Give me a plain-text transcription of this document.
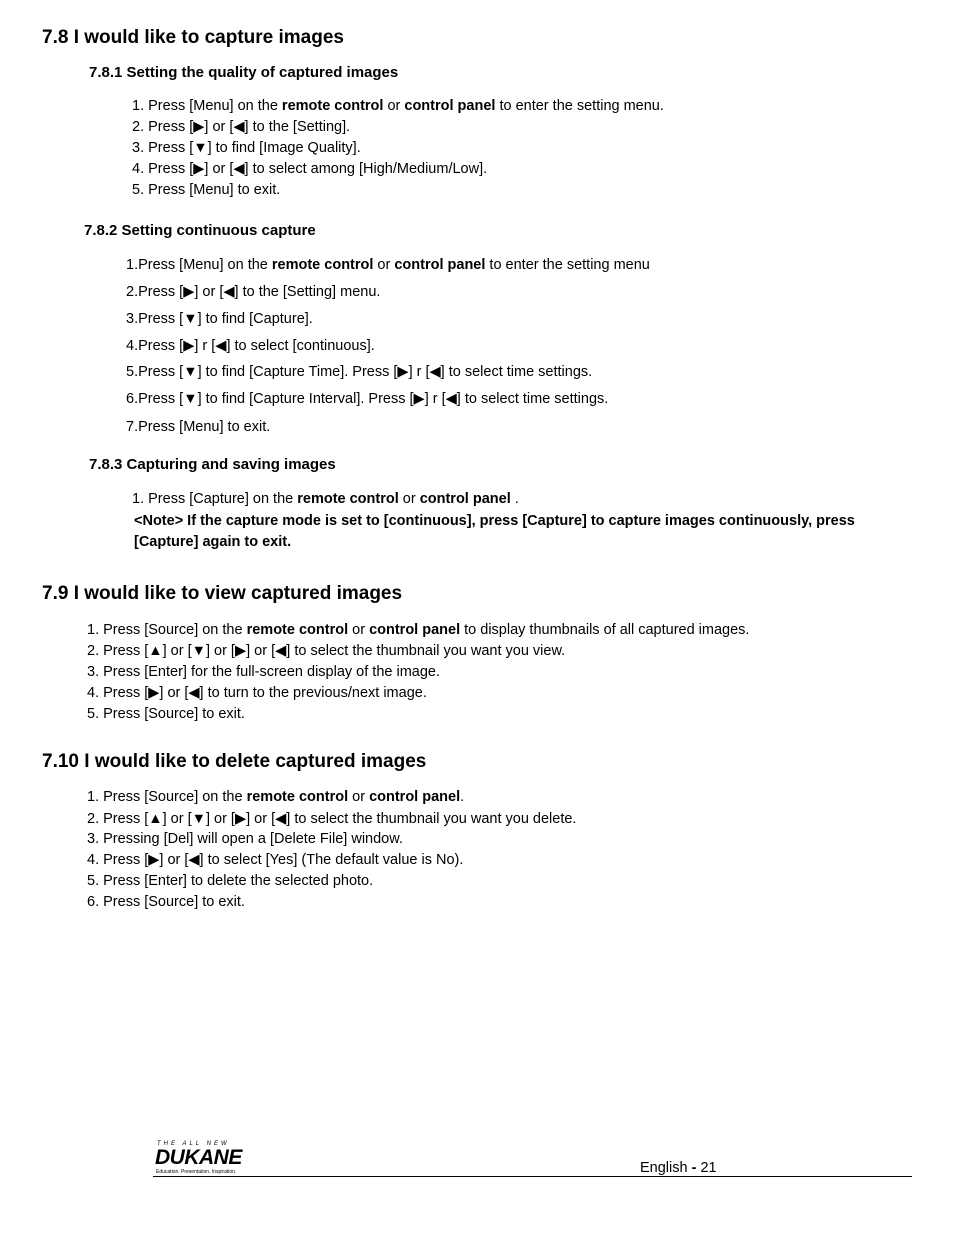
7.8 I would like to capture images
7.8.1 Setting the quality of captured images
1. Press [Menu] on the remote control or control panel to enter the setting menu.
2. Press [▶] or [◀] to the [Setting].
3. Press [▼] to find [Image Quality].
4. Press [▶] or [◀] to select among [High/Medium/Low].
5. Press [Menu] to exit.
7.8.2 Setting continuous capture
1.Press [Menu] on the remote control or control panel to enter the setting menu
2.Press [▶] or [◀] to the [Setting] menu.
3.Press [▼] to find [Capture].
4.Press [▶] r [◀] to select [continuous].
5.Press [▼] to find [Capture Time]. Press [▶] r [◀] to select time settings.
6.Press [▼] to find [Capture Interval]. Press [▶] r [◀] to select time settings.
7.Press [Menu] to exit.
7.8.3 Capturing and saving images
1. Press [Capture] on the remote control or control panel .
<Note> If the capture mode is set to [continuous], press [Capture] to capture images continuously, press [Capture] again to exit.
7.9 I would like to view captured images
1. Press [Source] on the remote control or control panel to display thumbnails of all captured images.
2. Press [▲] or [▼] or [▶] or [◀] to select the thumbnail you want you view.
3. Press [Enter] for the full-screen display of the image.
4. Press [▶] or [◀] to turn to the previous/next image.
5. Press [Source] to exit.
7.10 I would like to delete captured images
1. Press [Source] on the remote control or control panel.
2. Press [▲] or [▼] or [▶] or [◀] to select the thumbnail you want you delete.
3. Pressing [Del] will open a [Delete File] window.
4. Press [▶] or [◀] to select [Yes] (The default value is No).
5. Press [Enter] to delete the selected photo.
6. Press [Source] to exit.
THE ALL NEW
DUKANE
Education. Presentation. Inspiration.	English - 21
